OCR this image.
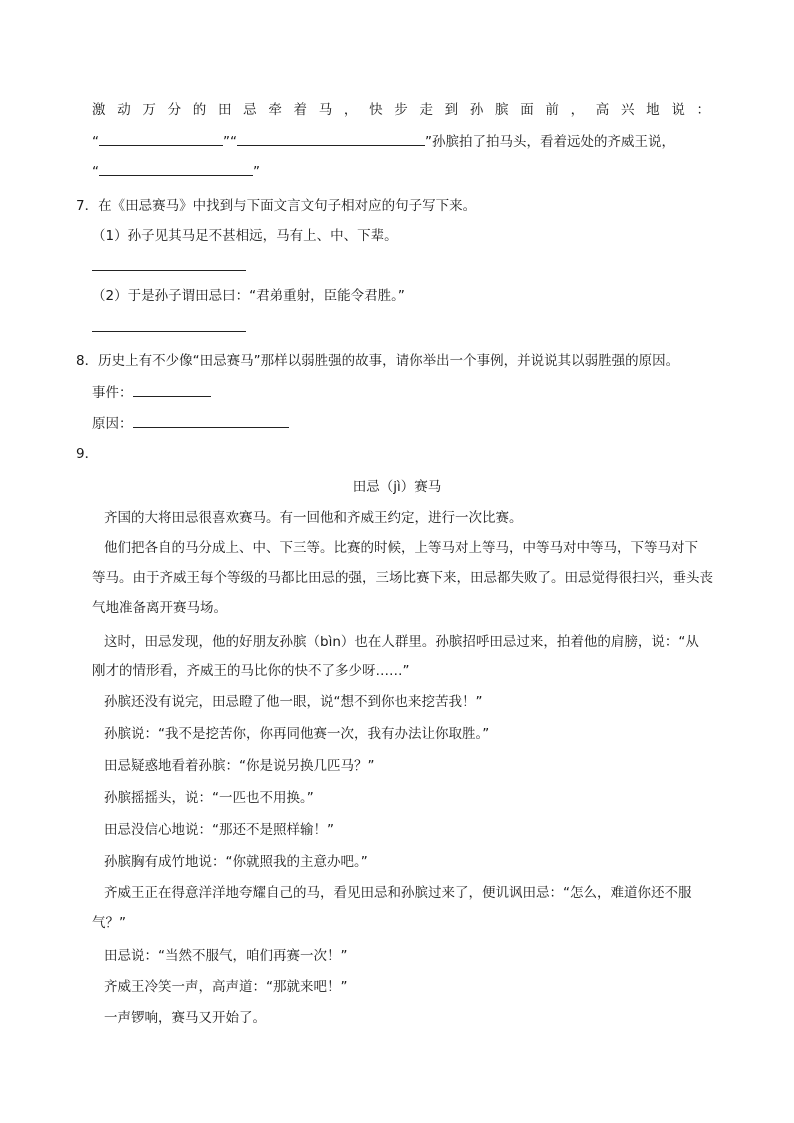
激 动 万 分 的 田 忌 牵 着 马 ， 快 步 走 到 孙 膑 面 前 ， 高 兴 地 说 ：
“	”“	”孙膑拍了拍马头，看着远处的齐威王说，
“	”
7．在《田忌赛马》中找到与下面文言文句子相对应的句子写下来。
（1）孙子见其马足不甚相远，马有上、中、下辈。
（2）于是孙子谓田忌曰：“君弟重射，臣能令君胜。”
8．历史上有不少像“田忌赛马”那样以弱胜强的故事，请你举出一个事例，并说说其以弱胜强的原因。
事件：
原因：
9．
田忌（jì）赛马
齐国的大将田忌很喜欢赛马。有一回他和齐威王约定，进行一次比赛。
他们把各自的马分成上、中、下三等。比赛的时候，上等马对上等马，中等马对中等马，下等马对下
等马。由于齐威王每个等级的马都比田忌的强，三场比赛下来，田忌都失败了。田忌觉得很扫兴，垂头丧
气地准备离开赛马场。
这时，田忌发现，他的好朋友孙膑（bìn）也在人群里。孙膑招呼田忌过来，拍着他的肩膀，说：“从
刚才的情形看，齐威王的马比你的快不了多少呀……”
孙膑还没有说完，田忌瞪了他一眼，说“想不到你也来挖苦我！”
孙膑说：“我不是挖苦你，你再同他赛一次，我有办法让你取胜。”
田忌疑惑地看着孙膑：“你是说另换几匹马？”
孙膑摇摇头，说：“一匹也不用换。”
田忌没信心地说：“那还不是照样输！”
孙膑胸有成竹地说：“你就照我的主意办吧。”
齐威王正在得意洋洋地夸耀自己的马，看见田忌和孙膑过来了，便讥讽田忌：“怎么，难道你还不服
气？”
田忌说：“当然不服气，咱们再赛一次！”
齐威王冷笑一声，高声道：“那就来吧！”
一声锣响，赛马又开始了。
